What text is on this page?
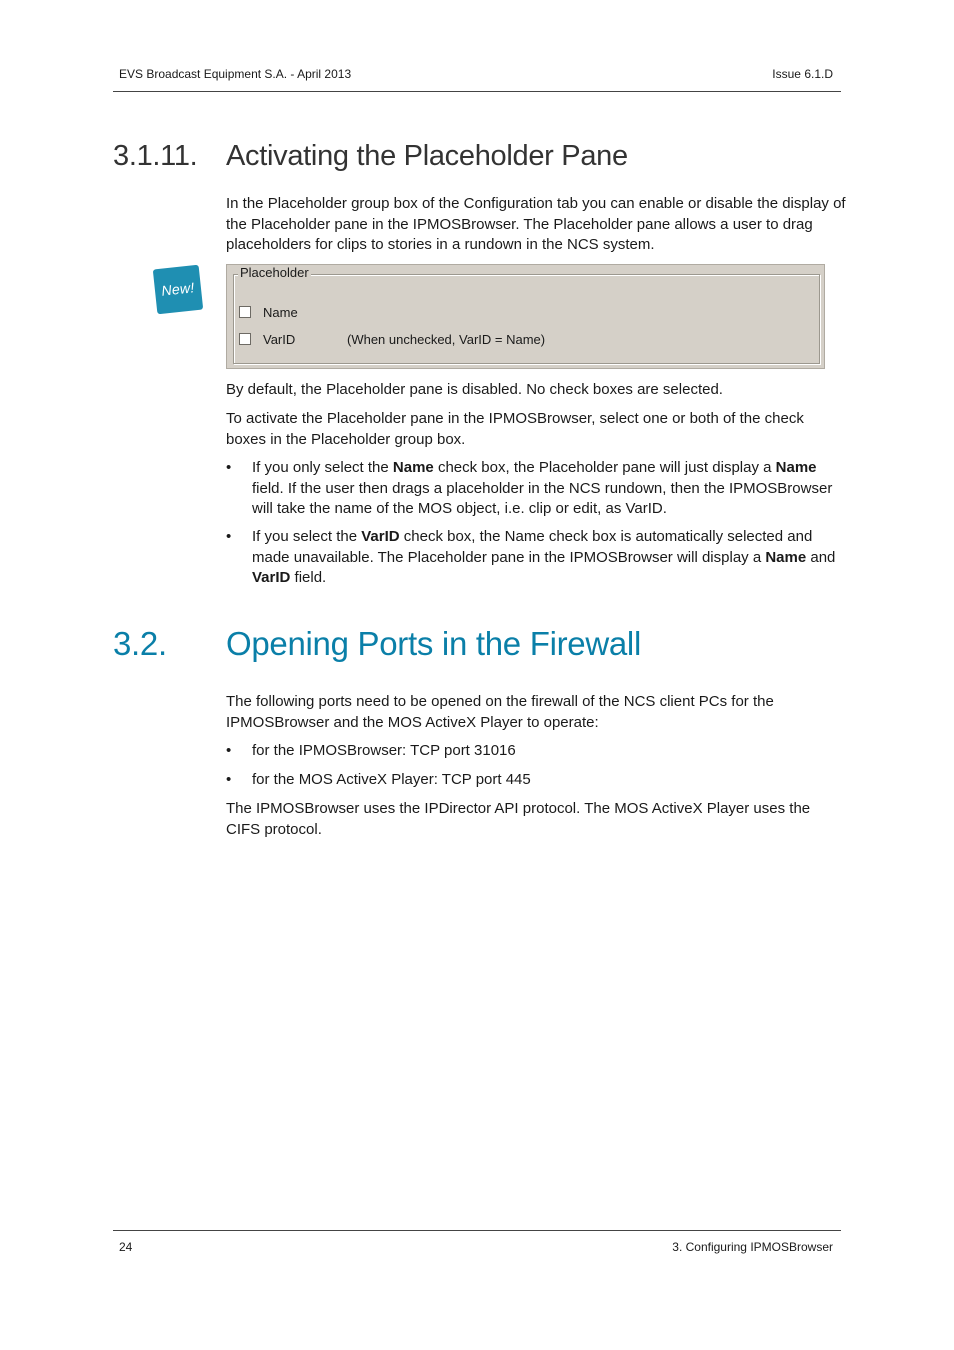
EVS Broadcast Equipment S.A. - April 2013	Issue 6.1.D
3.1.11. Activating the Placeholder Pane
In the Placeholder group box of the Configuration tab you can enable or disable the display of the Placeholder pane in the IPMOSBrowser. The Placeholder pane allows a user to drag placeholders for clips to stories in a rundown in the NCS system.
New!
Placeholder
Name
VarID	(When unchecked, VarID = Name)
By default, the Placeholder pane is disabled. No check boxes are selected.
To activate the Placeholder pane in the IPMOSBrowser, select one or both of the check boxes in the Placeholder group box.
• If you only select the Name check box, the Placeholder pane will just display a Name field. If the user then drags a placeholder in the NCS rundown, then the IPMOSBrowser will take the name of the MOS object, i.e. clip or edit, as VarID.
• If you select the VarID check box, the Name check box is automatically selected and made unavailable. The Placeholder pane in the IPMOSBrowser will display a Name and VarID field.
3.2. Opening Ports in the Firewall
The following ports need to be opened on the firewall of the NCS client PCs for the IPMOSBrowser and the MOS ActiveX Player to operate:
• for the IPMOSBrowser: TCP port 31016
• for the MOS ActiveX Player: TCP port 445
The IPMOSBrowser uses the IPDirector API protocol. The MOS ActiveX Player uses the CIFS protocol.
24	3. Configuring IPMOSBrowser
